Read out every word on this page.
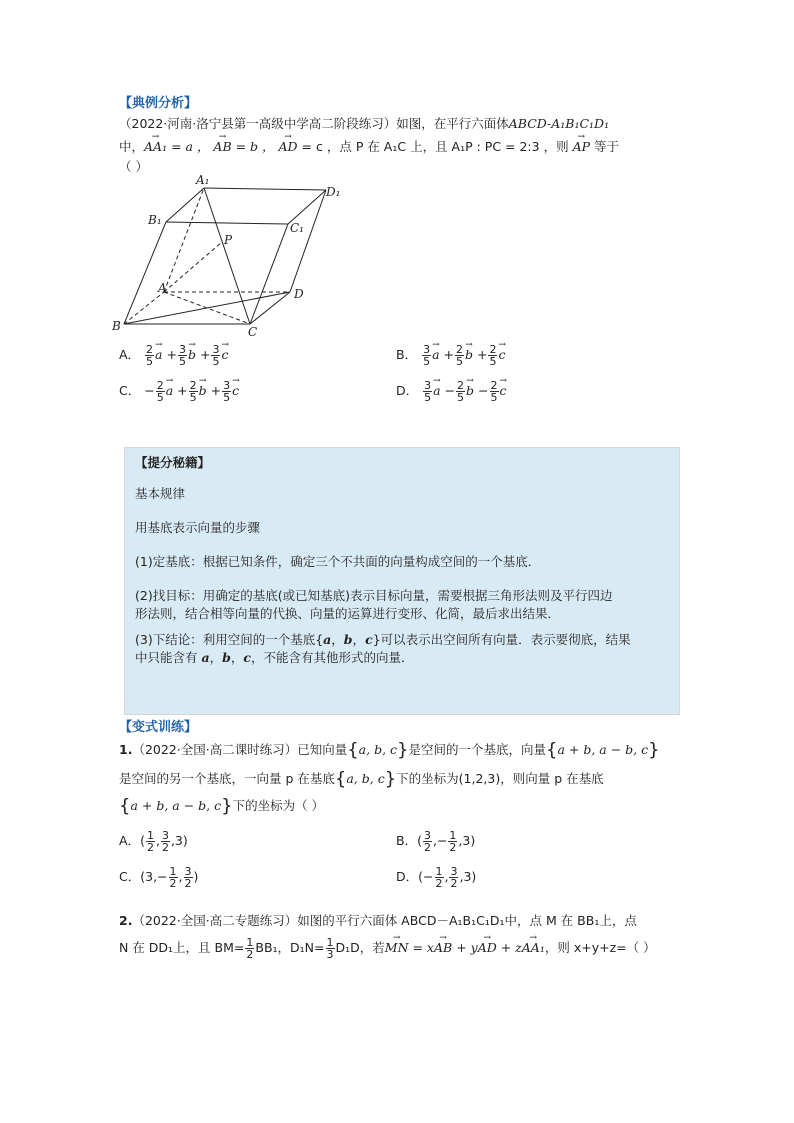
【典例分析】
（2022·河南·洛宁县第一高级中学高二阶段练习）如图，在平行六面体ABCD-A₁B₁C₁D₁
中，→ AA₁ = a ， → AB = b ， → AD = c ，点 P 在 A₁C 上，且 A₁P : PC = 2:3 ，则 → AP 等于
（ ）
A₁
D₁
B₁
C₁
P
A	D
B	C
A． $\frac{2}{5}$
→ $a + \frac{3}{5}$
→ $b + \frac{3}{5}$
→ c	B． $\frac{3}{5}$
→ $a + \frac{2}{5}$
→ $b + \frac{2}{5}$
→ c
C． − $\frac{2}{5}$
→ $a + \frac{2}{5}$
→ $b + \frac{3}{5}$
→ c	D． $\frac{3}{5}$
→ $a - \frac{2}{5}$
→ $b - \frac{2}{5}$
→ c
【提分秘籍】
基本规律
用基底表示向量的步骤
(1)定基底：根据已知条件，确定三个不共面的向量构成空间的一个基底．
(2)找目标：用确定的基底(或已知基底)表示目标向量，需要根据三角形法则及平行四边
形法则，结合相等向量的代换、向量的运算进行变形、化简，最后求出结果．
(3)下结论：利用空间的一个基底{a，b，c}可以表示出空间所有向量．表示要彻底，结果
中只能含有 a，b，c，不能含有其他形式的向量．
【变式训练】
1.（2022·全国·高二课时练习）已知向量{a, b, c}是空间的一个基底，向量{a + b, a − b, c}
是空间的另一个基底，一向量 p 在基底{a, b, c}下的坐标为(1,2,3)，则向量 p 在基底
{a + b, a − b, c}下的坐标为（ ）
A．( $\frac{1}{2}$ , $\frac{3}{2} ,3$)	B．( $\frac{3}{2}$ ,− $\frac{1}{2} ,3$)
C．($3,- \frac{1}{2}$ , $\frac{3}{2}$ )	D．(− $\frac{1}{2}$ , $\frac{3}{2} ,3$)
2.（2022·全国·高二专题练习）如图的平行六面体 ABCD－A₁B₁C₁D₁中，点 M 在 BB₁上，点
N 在 DD₁上，且 $BM= \frac{1}{2} BB_1$，$D_1N= \frac{1}{3} D_1D$，若→ MN = x→ AB + y→ AD + z→ AA₁，则 x+y+z=（ ）
